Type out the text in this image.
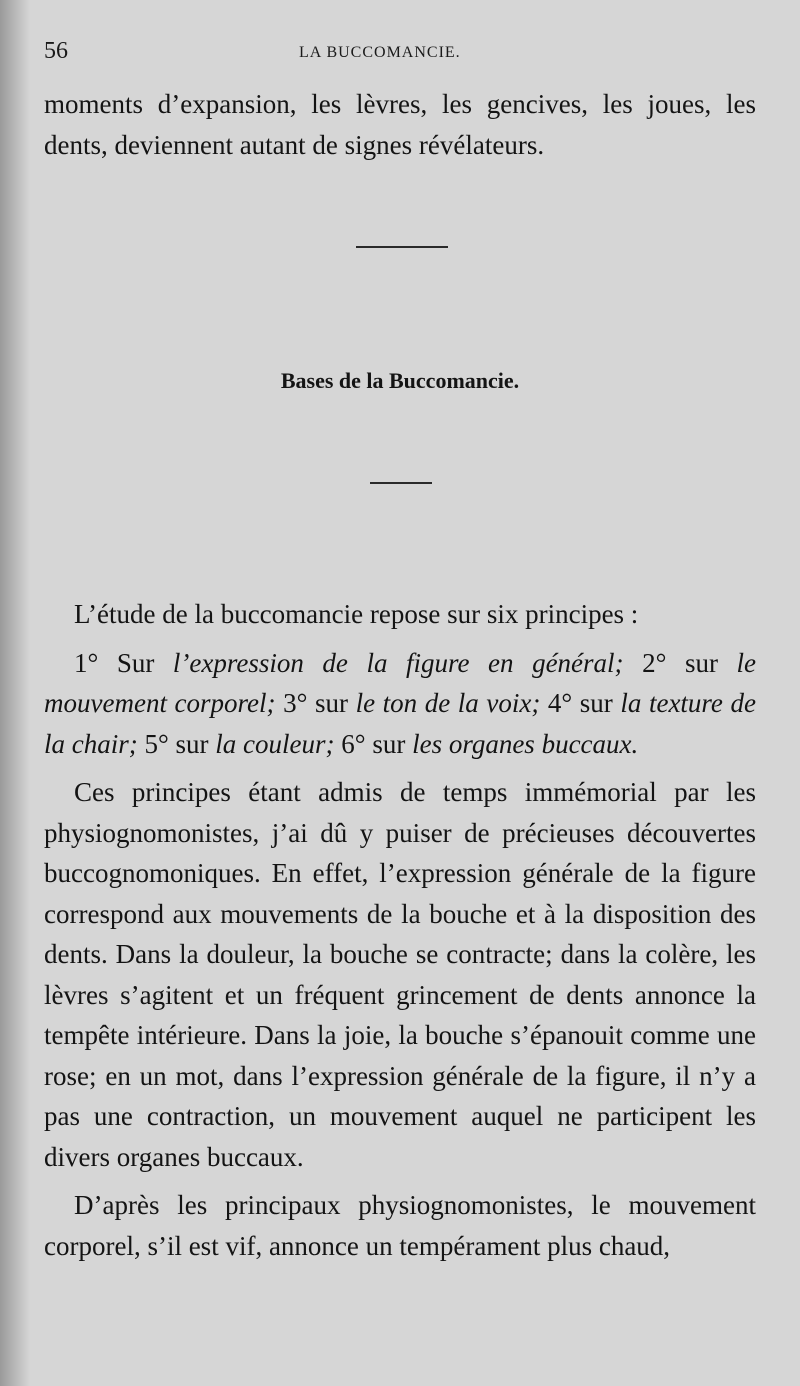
56	LA BUCCOMANCIE.

moments d’expansion, les lèvres, les gencives, les joues, les dents, deviennent autant de signes révélateurs.

Bases de la Buccomancie.

L’étude de la buccomancie repose sur six principes :

1° Sur l’expression de la figure en général; 2° sur le mouvement corporel; 3° sur le ton de la voix; 4° sur la texture de la chair; 5° sur la couleur; 6° sur les organes buccaux.

Ces principes étant admis de temps immémorial par les physiognomonistes, j’ai dû y puiser de précieuses découvertes buccognomoniques. En effet, l’expression générale de la figure correspond aux mouvements de la bouche et à la disposition des dents. Dans la douleur, la bouche se contracte; dans la colère, les lèvres s’agitent et un fréquent grincement de dents annonce la tempête intérieure. Dans la joie, la bouche s’épanouit comme une rose; en un mot, dans l’expression générale de la figure, il n’y a pas une contraction, un mouvement auquel ne participent les divers organes buccaux.

D’après les principaux physiognomonistes, le mouvement corporel, s’il est vif, annonce un tempérament plus chaud,
